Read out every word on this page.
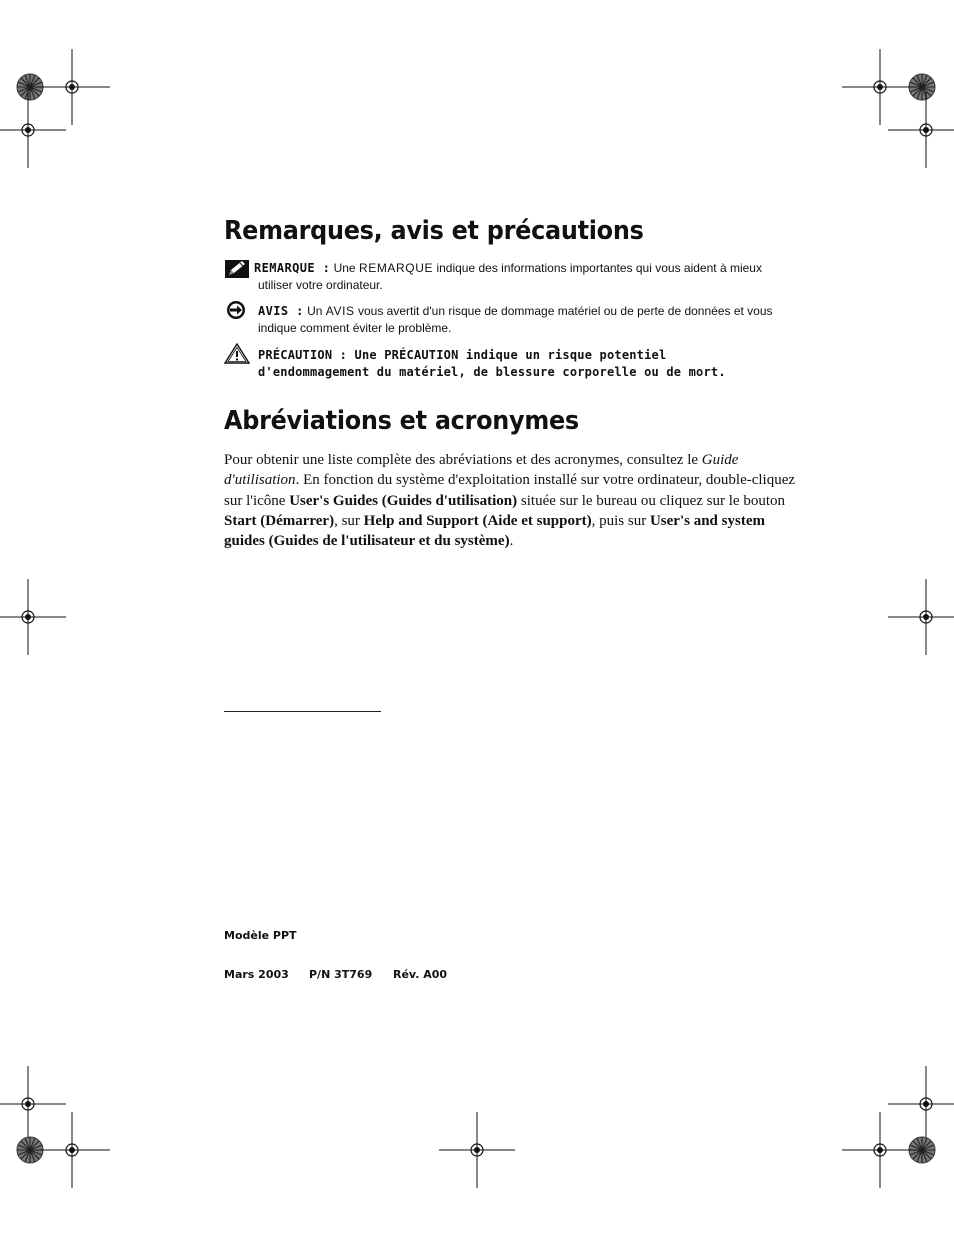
Remarques, avis et précautions
REMARQUE : Une REMARQUE indique des informations importantes qui vous aident à mieux
utiliser votre ordinateur.
AVIS : Un AVIS vous avertit d'un risque de dommage matériel ou de perte de données et vous
indique comment éviter le problème.
PRÉCAUTION : Une PRÉCAUTION indique un risque potentiel
d'endommagement du matériel, de blessure corporelle ou de mort.
Abréviations et acronymes

Pour obtenir une liste complète des abréviations et des acronymes, consultez le Guide d'utilisation. En fonction du système d'exploitation installé sur votre ordinateur, double-cliquez sur l'icône User's Guides (Guides d'utilisation) située sur le bureau ou cliquez sur le bouton Start (Démarrer), sur Help and Support (Aide et support), puis sur User's and system guides (Guides de l'utilisateur et du système).

Modèle PPT
Mars 2003 P/N 3T769 Rév. A00
